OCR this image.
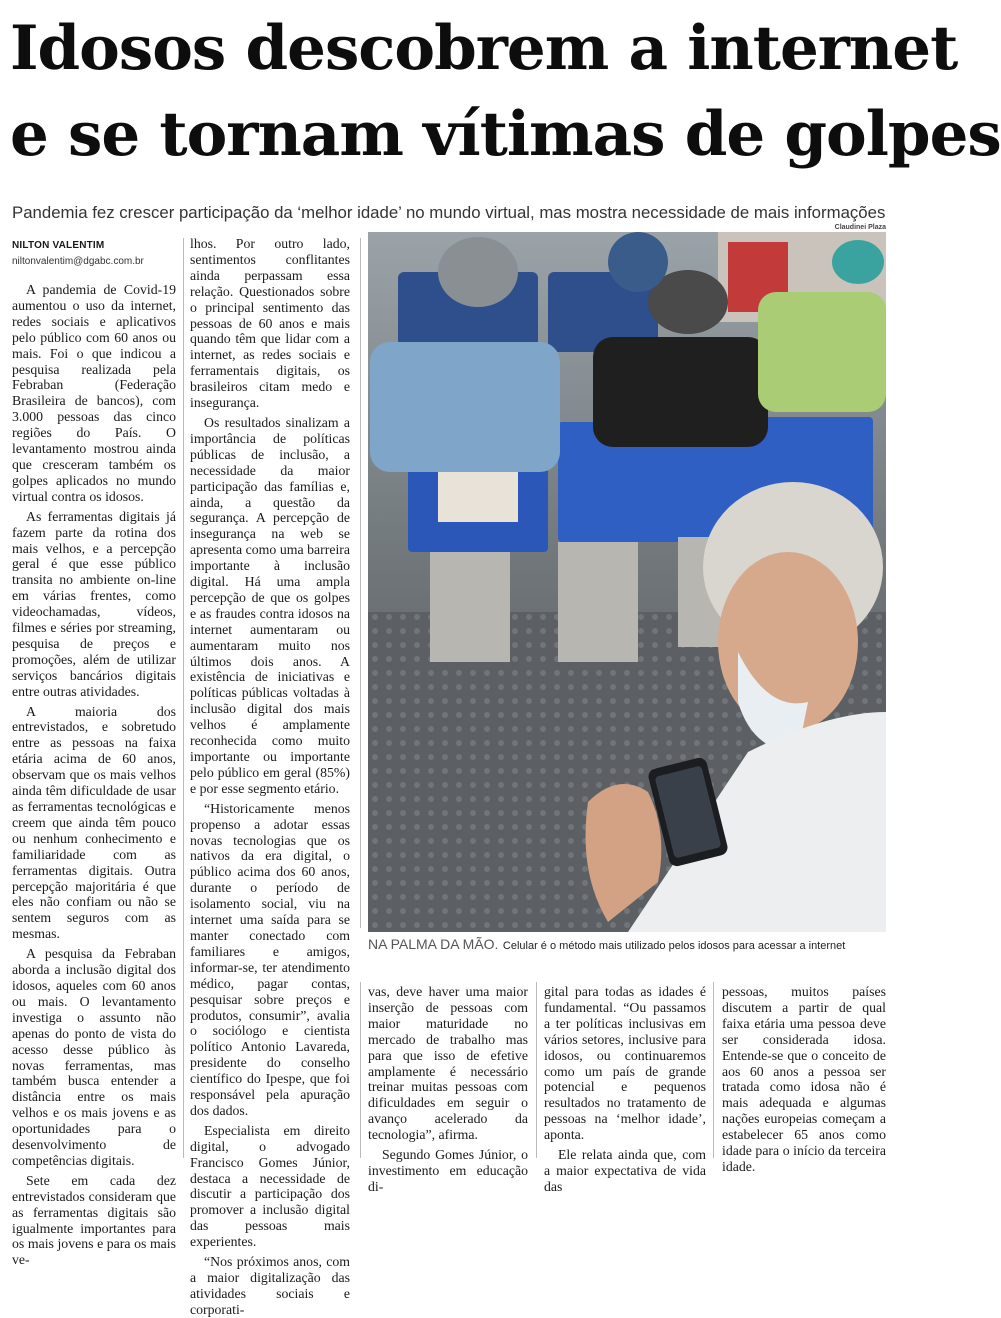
Idosos descobrem a internet
e se tornam vítimas de golpes
Pandemia fez crescer participação da ‘melhor idade’ no mundo virtual, mas mostra necessidade de mais informações
NILTON VALENTIM
niltonvalentim@dgabc.com.br

A pandemia de Covid-19 aumentou o uso da internet, redes sociais e aplicativos pelo público com 60 anos ou mais. Foi o que indicou a pesquisa realizada pela Febraban (Federação Brasileira de bancos), com 3.000 pessoas das cinco regiões do País. O levantamento mostrou ainda que cresceram também os golpes aplicados no mundo virtual contra os idosos.

As ferramentas digitais já fazem parte da rotina dos mais velhos, e a percepção geral é que esse público transita no ambiente on-line em várias frentes, como videochamadas, vídeos, filmes e séries por streaming, pesquisa de preços e promoções, além de utilizar serviços bancários digitais entre outras atividades.

A maioria dos entrevistados, e sobretudo entre as pessoas na faixa etária acima de 60 anos, observam que os mais velhos ainda têm dificuldade de usar as ferramentas tecnológicas e creem que ainda têm pouco ou nenhum conhecimento e familiaridade com as ferramentas digitais. Outra percepção majoritária é que eles não confiam ou não se sentem seguros com as mesmas.

A pesquisa da Febraban aborda a inclusão digital dos idosos, aqueles com 60 anos ou mais. O levantamento investiga o assunto não apenas do ponto de vista do acesso desse público às novas ferramentas, mas também busca entender a distância entre os mais velhos e os mais jovens e as oportunidades para o desenvolvimento de competências digitais.

Sete em cada dez entrevistados consideram que as ferramentas digitais são igualmente importantes para os mais jovens e para os mais ve-

lhos. Por outro lado, sentimentos conflitantes ainda perpassam essa relação. Questionados sobre o principal sentimento das pessoas de 60 anos e mais quando têm que lidar com a internet, as redes sociais e ferramentais digitais, os brasileiros citam medo e insegurança.

Os resultados sinalizam a importância de políticas públicas de inclusão, a necessidade da maior participação das famílias e, ainda, a questão da segurança. A percepção de insegurança na web se apresenta como uma barreira importante à inclusão digital. Há uma ampla percepção de que os golpes e as fraudes contra idosos na internet aumentaram ou aumentaram muito nos últimos dois anos. A existência de iniciativas e políticas públicas voltadas à inclusão digital dos mais velhos é amplamente reconhecida como muito importante ou importante pelo público em geral (85%) e por esse segmento etário.

“Historicamente menos propenso a adotar essas novas tecnologias que os nativos da era digital, o público acima dos 60 anos, durante o período de isolamento social, viu na internet uma saída para se manter conectado com familiares e amigos, informar-se, ter atendimento médico, pagar contas, pesquisar sobre preços e produtos, consumir”, avalia o sociólogo e cientista político Antonio Lavareda, presidente do conselho científico do Ipespe, que foi responsável pela apuração dos dados.

Especialista em direito digital, o advogado Francisco Gomes Júnior, destaca a necessidade de discutir a participação dos promover a inclusão digital das pessoas mais experientes.

“Nos próximos anos, com a maior digitalização das atividades sociais e corporati-

Claudinei Plaza
NA PALMA DA MÃO. Celular é o método mais utilizado pelos idosos para acessar a internet

vas, deve haver uma maior inserção de pessoas com maior maturidade no mercado de trabalho mas para que isso de efetive amplamente é necessário treinar muitas pessoas com dificuldades em seguir o avanço acelerado da tecnologia”, afirma.

Segundo Gomes Júnior, o investimento em educação di-

gital para todas as idades é fundamental. “Ou passamos a ter políticas inclusivas em vários setores, inclusive para idosos, ou continuaremos como um país de grande potencial e pequenos resultados no tratamento de pessoas na ‘melhor idade’, aponta.

Ele relata ainda que, com a maior expectativa de vida das

pessoas, muitos países discutem a partir de qual faixa etária uma pessoa deve ser considerada idosa. Entende-se que o conceito de aos 60 anos a pessoa ser tratada como idosa não é mais adequada e algumas nações europeias começam a estabelecer 65 anos como idade para o início da terceira idade.
